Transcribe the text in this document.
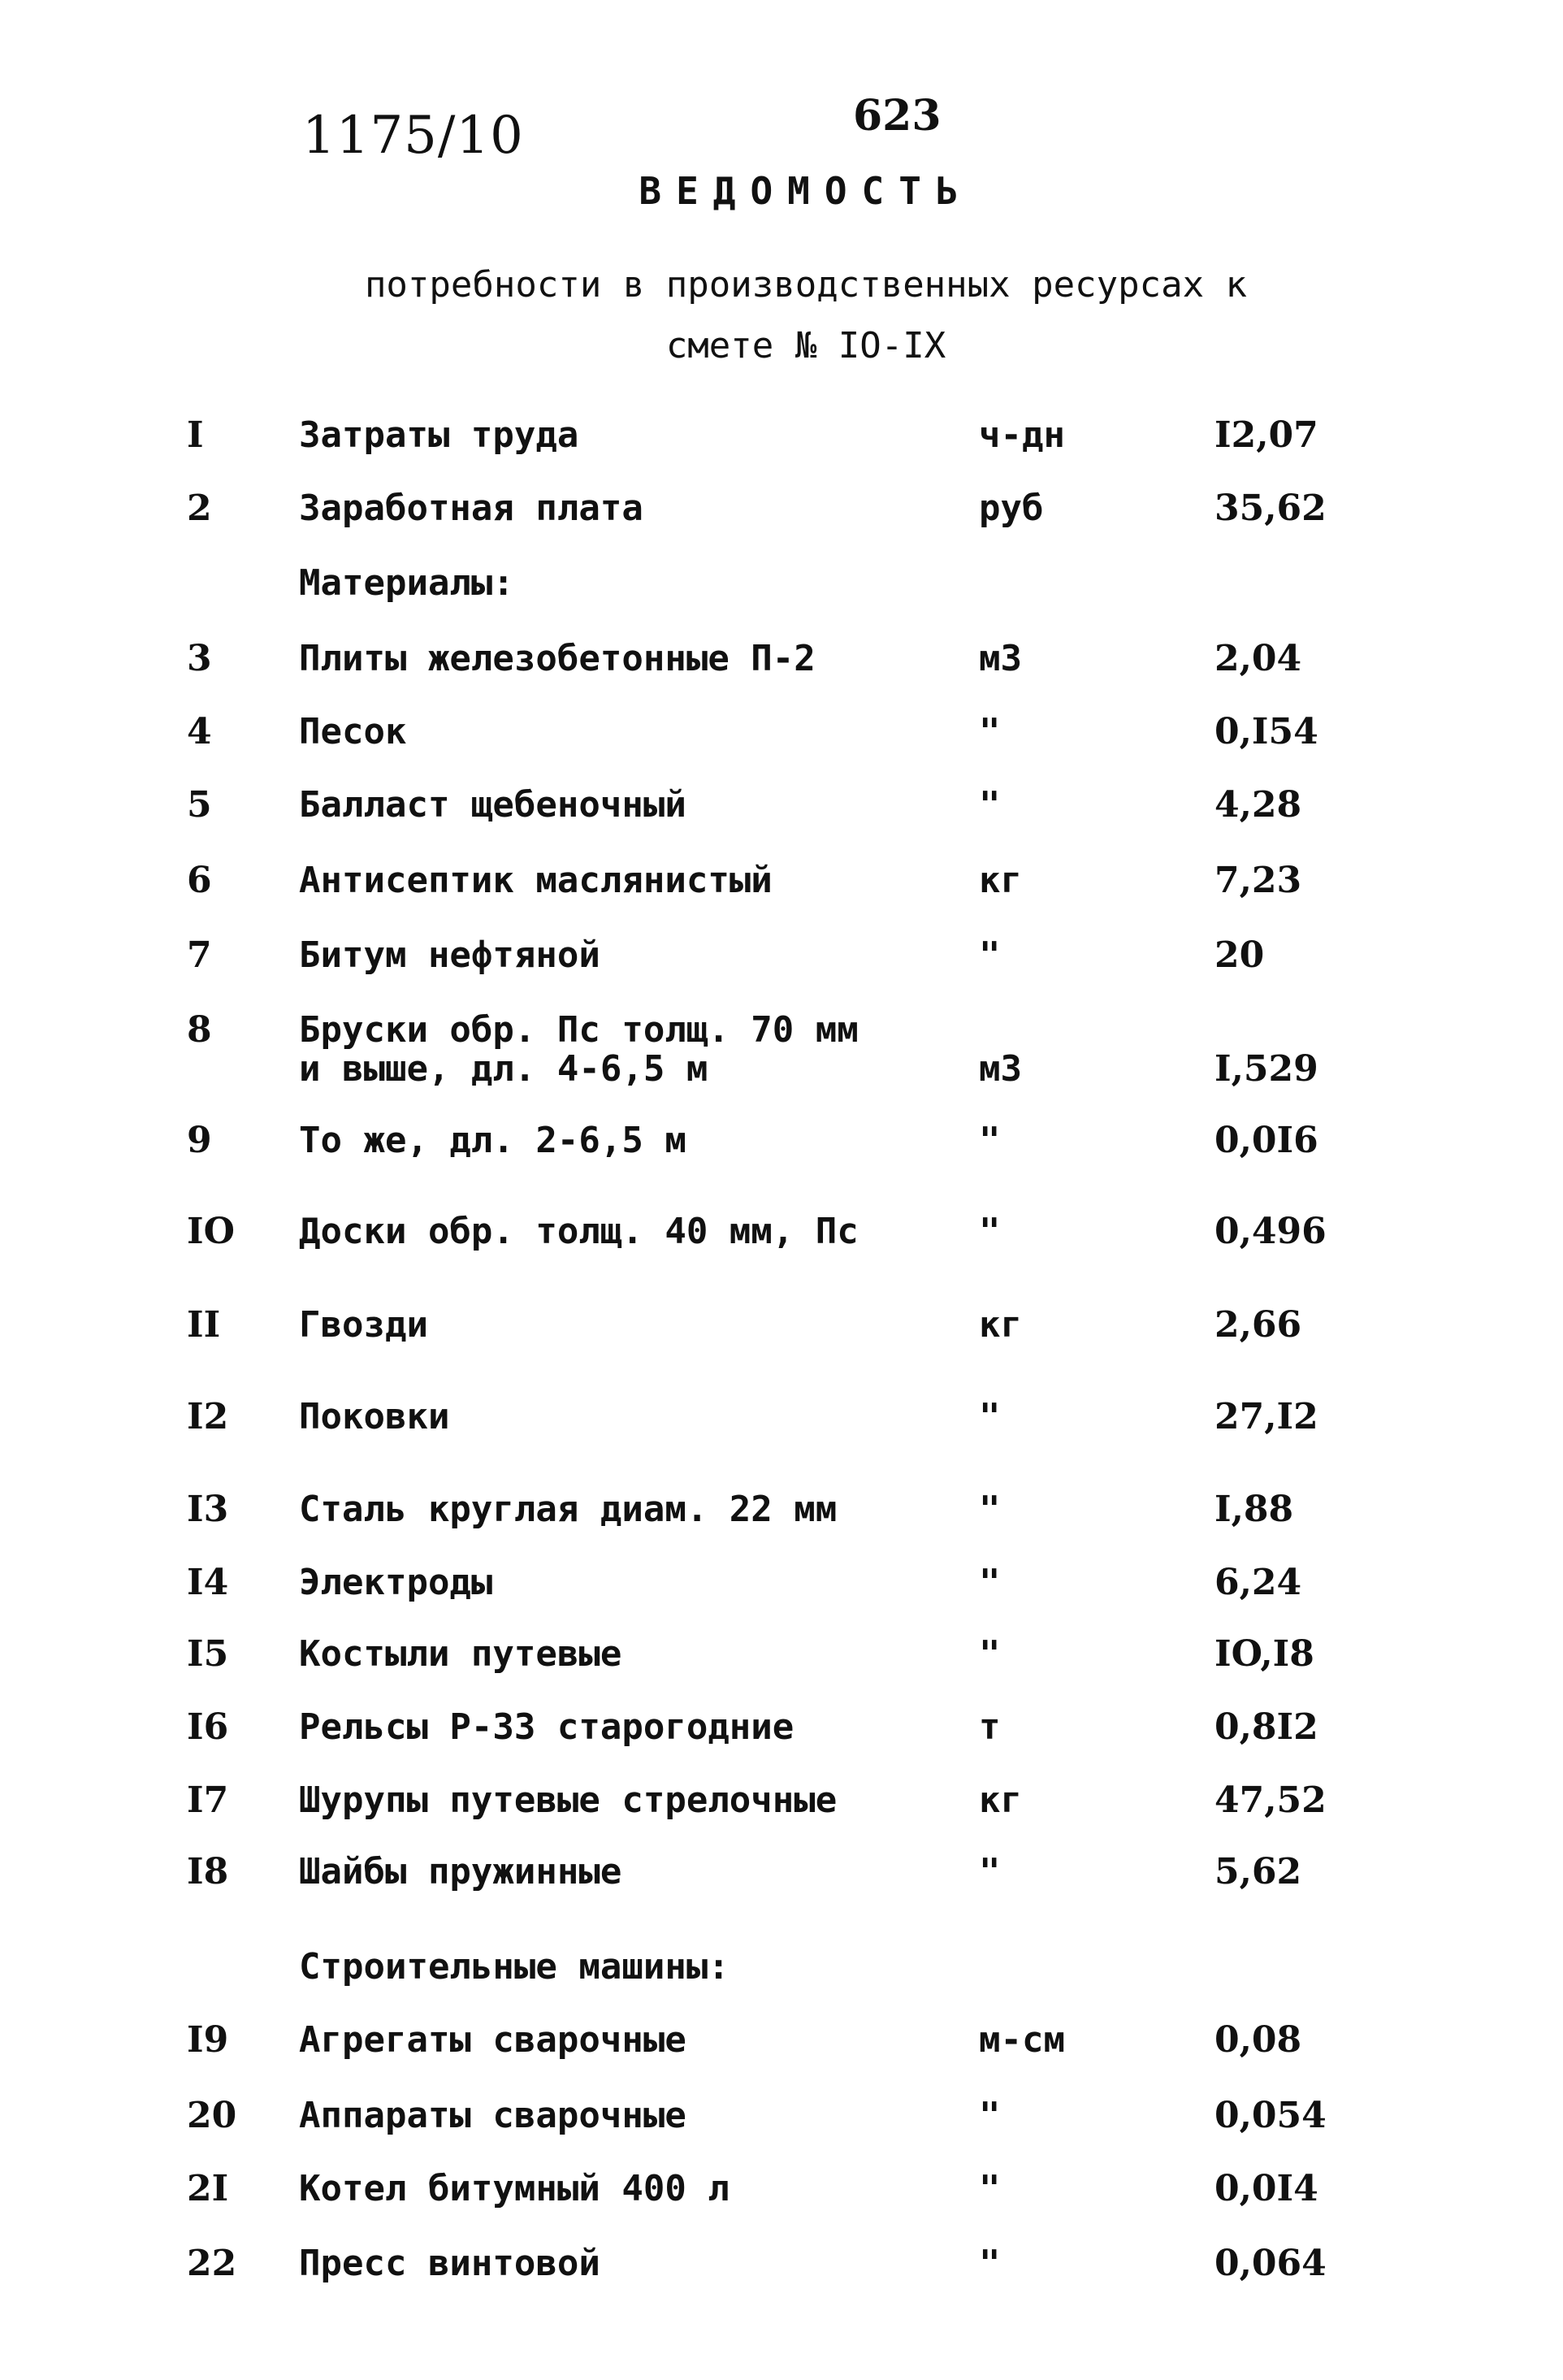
1175/10	623
ВЕДОМОСТЬ
потребности в производственных ресурсах к
смете № IO-IX
I	Затраты труда	ч-дн	I2,07
2 Заработная плата	руб	35,62
Материалы:
3 Плиты железобетонные П-2	м3	2,04
4 Песок	"	0,I54
5 Балласт щебеночный	"	4,28
6 Антисептик маслянистый	кг	7,23
7 Битум нефтяной	"	20
8 Бруски обр. Пс толщ. 70 мм
и выше, дл. 4-6,5 м	м3	I,529
9 То же, дл. 2-6,5 м	"	0,0I6
IO Доски обр. толщ. 40 мм, Пс	"	0,496
II Гвозди	кг	2,66
I2 Поковки	"	27,I2
I3 Сталь круглая диам. 22 мм	"	I,88
I4 Электроды	"	6,24
I5 Костыли путевые	"	IO,I8
I6 Рельсы Р-33 старогодние	т	0,8I2
I7 Шурупы путевые стрелочные	кг	47,52
I8 Шайбы пружинные	"	5,62
Строительные машины:
I9 Агрегаты сварочные	м-см	0,08
20 Аппараты сварочные	"	0,054
2I Котел битумный 400 л	"	0,0I4
22 Пресс винтовой	"	0,064
